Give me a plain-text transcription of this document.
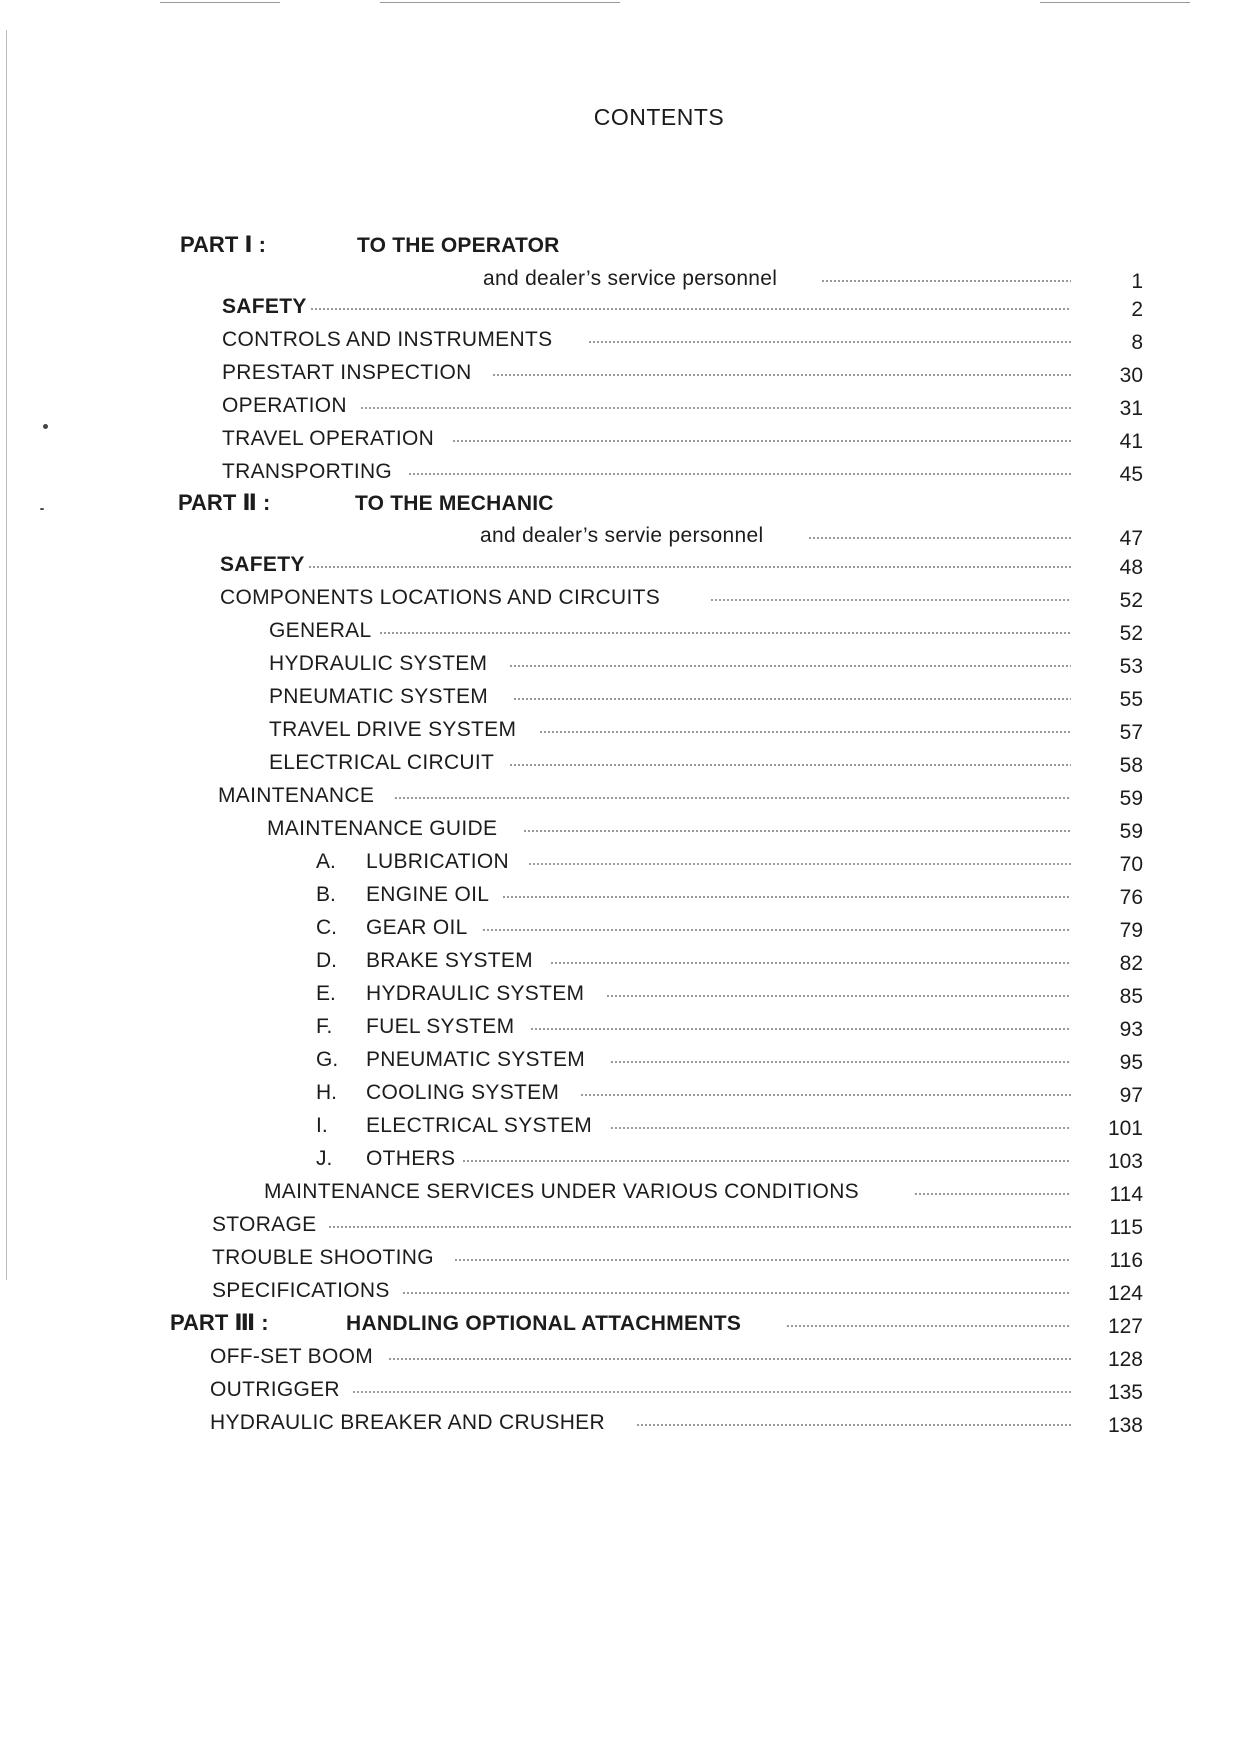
CONTENTS
PART Ⅰ :	TO THE OPERATOR
and dealer’s service personnel	1
SAFETY	2
CONTROLS AND INSTRUMENTS	8
PRESTART INSPECTION	30
OPERATION	31
TRAVEL OPERATION	41
TRANSPORTING	45
PART Ⅱ :	TO THE MECHANIC
and dealer’s servie personnel	47
SAFETY	48
COMPONENTS LOCATIONS AND CIRCUITS	52
GENERAL	52
HYDRAULIC SYSTEM	53
PNEUMATIC SYSTEM	55
TRAVEL DRIVE SYSTEM	57
ELECTRICAL CIRCUIT	58
MAINTENANCE	59
MAINTENANCE GUIDE	59
A. LUBRICATION	70
B. ENGINE OIL	76
C. GEAR OIL	79
D. BRAKE SYSTEM	82
E. HYDRAULIC SYSTEM	85
F. FUEL SYSTEM	93
G. PNEUMATIC SYSTEM	95
H. COOLING SYSTEM	97
I. ELECTRICAL SYSTEM	101
J. OTHERS	103
MAINTENANCE SERVICES UNDER VARIOUS CONDITIONS	114
STORAGE	115
TROUBLE SHOOTING	116
SPECIFICATIONS	124
PART Ⅲ :	HANDLING OPTIONAL ATTACHMENTS	127
OFF-SET BOOM	128
OUTRIGGER	135
HYDRAULIC BREAKER AND CRUSHER	138
